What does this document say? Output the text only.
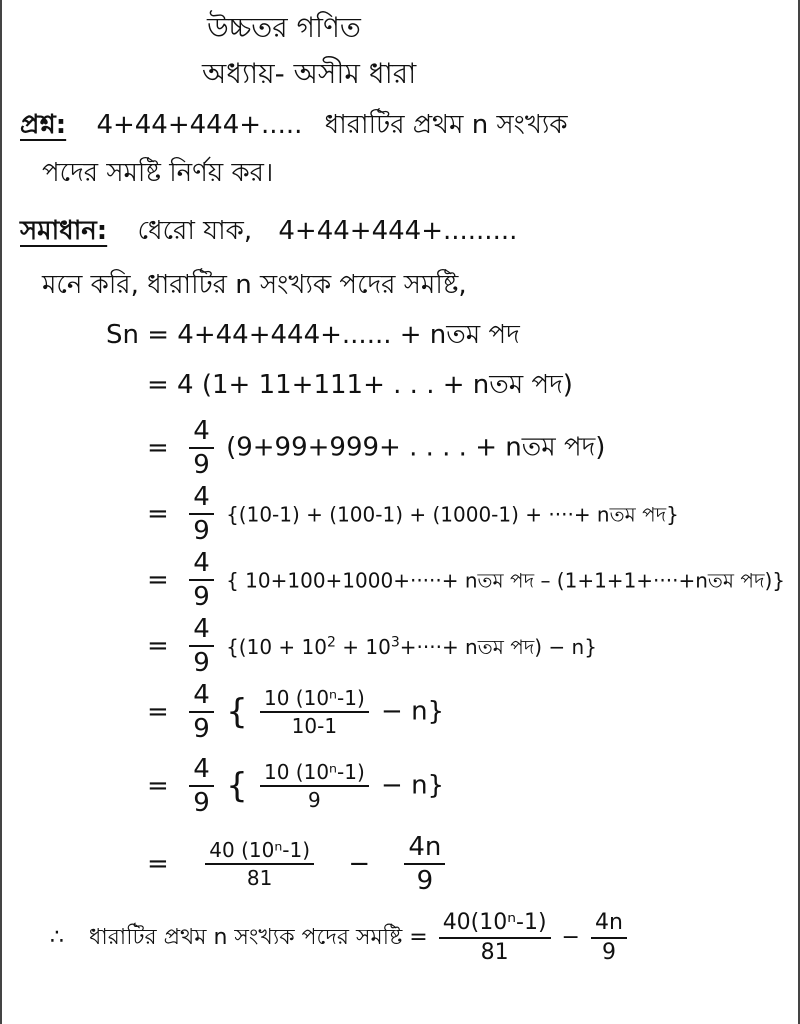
উচ্চতর গণিত
অধ্যায়- অসীম ধারা
প্রশ্ন: 4+44+444+..... ধারাটির প্রথম n সংখ্যক
পদের সমষ্টি নির্ণয় কর।
সমাধান: ধেরো যাক, 4+44+444+.........
মনে করি, ধারাটির n সংখ্যক পদের সমষ্টি,
Sn = 4+44+444+...... + nতম পদ
= 4 (1+ 11+111+ . . . + nতম পদ)
= $\frac{4}{9} (9+99+999+$ . . . . + nতম পদ)
= $\frac{4}{9} \{(10-1) + (100-1) + (1000-1)$ + ····+ nতম পদ}
= $\frac{4}{9}$ { 10+100+1000+·····+ nতম পদ – (1+1+1+····+nতম পদ)}
= $\frac{4}{9} \{(10 + 10^2 + 10^3+\cdot\cdot\cdot\cdot+$ nতম পদ) − n}
= $\frac{4}{9}$ { $\frac{\text{10 (10ⁿ-1)}}{10-1} - n$}
= $\frac{4}{9}$ { $\frac{\text{10 (10ⁿ-1)}}{9} - n$}
= $\frac{\text{40 (10ⁿ-1)}}{81} - \frac{4n}{9}$
∴ ধারাটির প্রথম n সংখ্যক পদের সমষ্টি = $\frac{\text{40(10ⁿ-1)}}{81} - \frac{4n}{9}$
